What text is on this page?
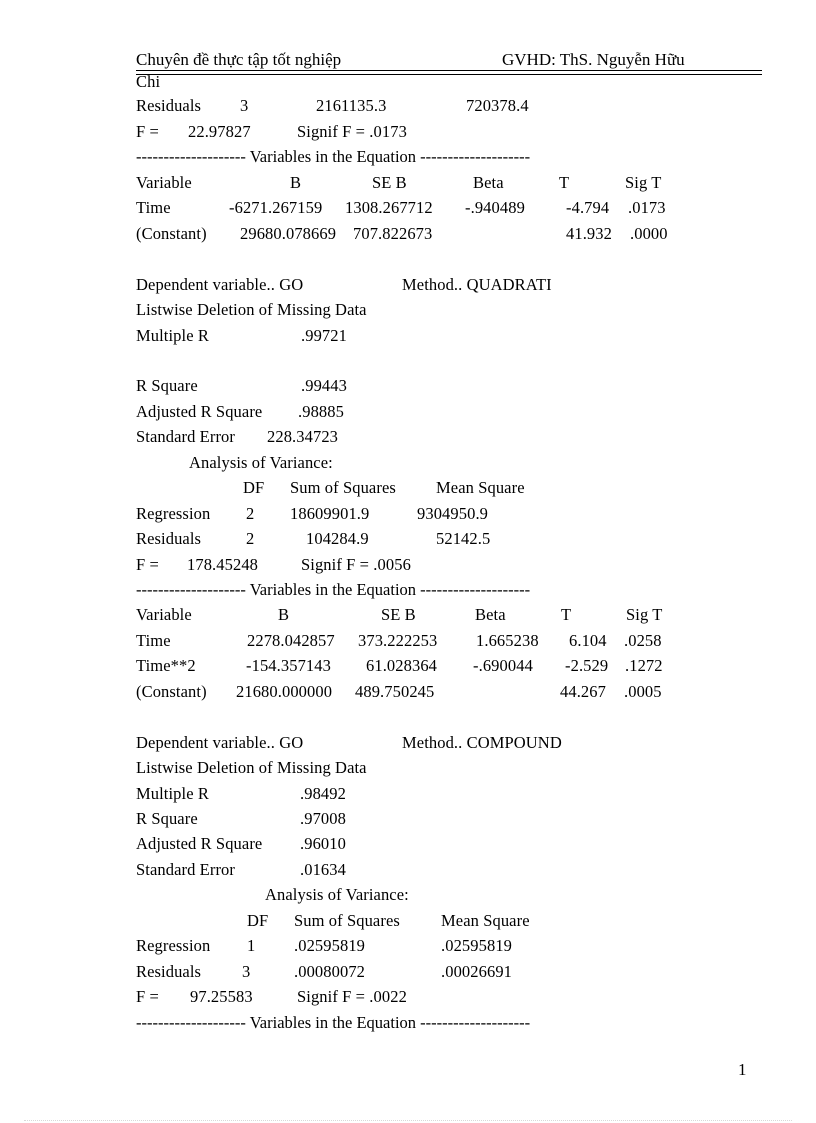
Chuyên đề thực tập tốt nghiệp	GVHD: ThS. Nguyễn Hữu
Chi
Residuals 3	2161135.3	720378.4
F = 22.97827	Signif F = .0173
-------------------- Variables in the Equation --------------------
Variable	B	SE B	Beta	T	Sig T
Time	-6271.267159 1308.267712 -.940489 -4.794 .0173
(Constant) 29680.078669 707.822673	41.932 .0000
Dependent variable.. GO	Method.. QUADRATI
Listwise Deletion of Missing Data
Multiple R	.99721
R Square	.99443
Adjusted R Square .98885
Standard Error 228.34723
Analysis of Variance:
DF Sum of Squares Mean Square
Regression 2 18609901.9	9304950.9
Residuals	2	104284.9	52142.5
F = 178.45248	Signif F = .0056
-------------------- Variables in the Equation --------------------
Variable	B	SE B	Beta	T	Sig T
Time	2278.042857 373.222253 1.665238 6.104 .0258
Time**2	-154.357143 61.028364 -.690044 -2.529 .1272
(Constant) 21680.000000 489.750245	44.267 .0005
Dependent variable.. GO	Method.. COMPOUND
Listwise Deletion of Missing Data
Multiple R	.98492
R Square	.97008
Adjusted R Square .96010
Standard Error	.01634
Analysis of Variance:
DF Sum of Squares Mean Square
Regression 1 .02595819	.02595819
Residuals 3	.00080072	.00026691
F = 97.25583	Signif F = .0022
-------------------- Variables in the Equation --------------------
1
